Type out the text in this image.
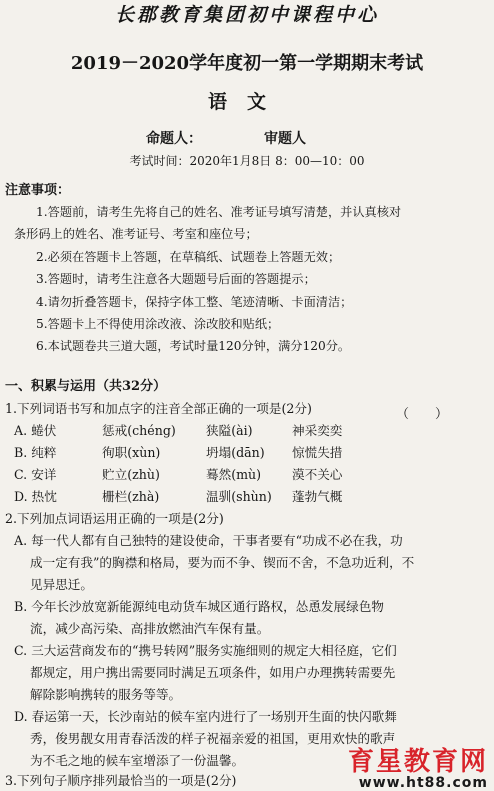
长郡教育集团初中课程中心
2019－2020学年度初一第一学期期末考试
语文
命题人：	审题人
考试时间：2020年1月8日 8：00—10：00
注意事项：
1.答题前，请考生先将自己的姓名、准考证号填写清楚，并认真核对
条形码上的姓名、准考证号、考室和座位号；
2.必须在答题卡上答题，在草稿纸、试题卷上答题无效；
3.答题时，请考生注意各大题题号后面的答题提示；
4.请勿折叠答题卡，保持字体工整、笔迹清晰、卡面清洁；
5.答题卡上不得使用涂改液、涂改胶和贴纸；
6.本试题卷共三道大题，考试时量120分钟，满分120分。
一、积累与运用（共32分）
1.下列词语书写和加点字的注音全部正确的一项是(2分)	（　　）
A. 蜷伏	惩戒(chéng) 狭隘(ài)	神采奕奕
B. 纯粹	徇职(xùn)	坍塌(dān) 惊慌失措
C. 安详	贮立(zhù)	蓦然(mù) 漠不关心
D. 热忱	栅栏(zhà)	温驯(shùn) 蓬勃气概
2.下列加点词语运用正确的一项是(2分)
A. 每一代人都有自己独特的建设使命，干事者要有“功成不必在我，功
成一定有我”的胸襟和格局，要为而不争、锲而不舍，不急功近利，不
见异思迁。
B. 今年长沙放宽新能源纯电动货车城区通行路权，怂恿发展绿色物
流，减少高污染、高排放燃油汽车保有量。
C. 三大运营商发布的“携号转网”服务实施细则的规定大相径庭，它们
都规定，用户携出需要同时满足五项条件，如用户办理携转需要先
解除影响携转的服务等等。
D. 春运第一天，长沙南站的候车室内进行了一场别开生面的快闪歌舞
秀，俊男靓女用青春活泼的样子祝福亲爱的祖国，更用欢快的歌声
为不毛之地的候车室增添了一份温馨。
3.下列句子顺序排列最恰当的一项是(2分)
育星教育网
www.ht88.com
